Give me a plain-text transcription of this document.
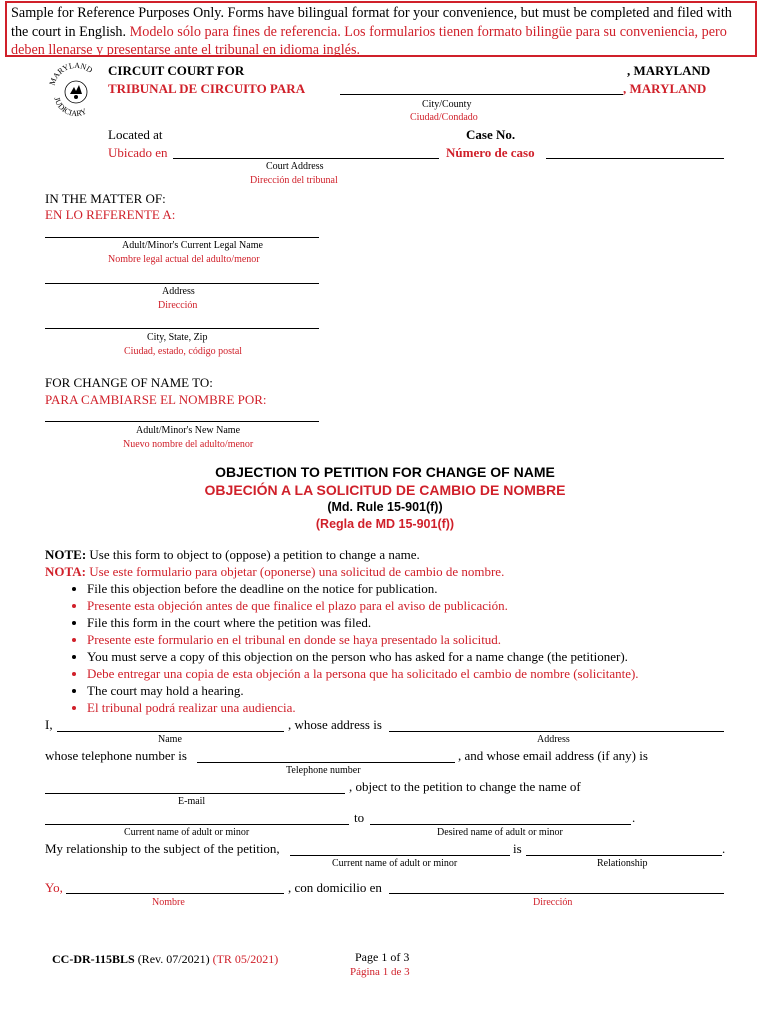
Sample for Reference Purposes Only. Forms have bilingual format for your convenience, but must be completed and filed with the court in English. Modelo sólo para fines de referencia. Los formularios tienen formato bilingüe para su conveniencia, pero deben llenarse y presentarse ante el tribunal en idioma inglés.
MARYLAND
JUDICIARY
CIRCUIT COURT FOR	, MARYLAND
TRIBUNAL DE CIRCUITO PARA	, MARYLAND
City/County
Ciudad/Condado
Located at	Case No.
Ubicado en	Número de caso
Court Address
Dirección del tribunal
IN THE MATTER OF:
EN LO REFERENTE A:
Adult/Minor's Current Legal Name
Nombre legal actual del adulto/menor
Address
Dirección
City, State, Zip
Ciudad, estado, código postal
FOR CHANGE OF NAME TO:
PARA CAMBIARSE EL NOMBRE POR:
Adult/Minor's New Name
Nuevo nombre del adulto/menor
OBJECTION TO PETITION FOR CHANGE OF NAME
OBJECIÓN A LA SOLICITUD DE CAMBIO DE NOMBRE
(Md. Rule 15-901(f))
(Regla de MD 15-901(f))
NOTE: Use this form to object to (oppose) a petition to change a name.
NOTA: Use este formulario para objetar (oponerse) una solicitud de cambio de nombre.
• File this objection before the deadline on the notice for publication.
• Presente esta objeción antes de que finalice el plazo para el aviso de publicación.
• File this form in the court where the petition was filed.
• Presente este formulario en el tribunal en donde se haya presentado la solicitud.
• You must serve a copy of this objection on the person who has asked for a name change (the petitioner).
• Debe entregar una copia de esta objeción a la persona que ha solicitado el cambio de nombre (solicitante).
• The court may hold a hearing.
• El tribunal podrá realizar una audiencia.
I,	, whose address is
Name	Address
whose telephone number is	, and whose email address (if any) is
Telephone number
, object to the petition to change the name of
E-mail
to	.
Current name of adult or minor	Desired name of adult or minor
My relationship to the subject of the petition,	is	.
Current name of adult or minor	Relationship
Yo,	, con domicilio en
Nombre	Dirección
CC-DR-115BLS (Rev. 07/2021) (TR 05/2021)	Page 1 of 3
Página 1 de 3
